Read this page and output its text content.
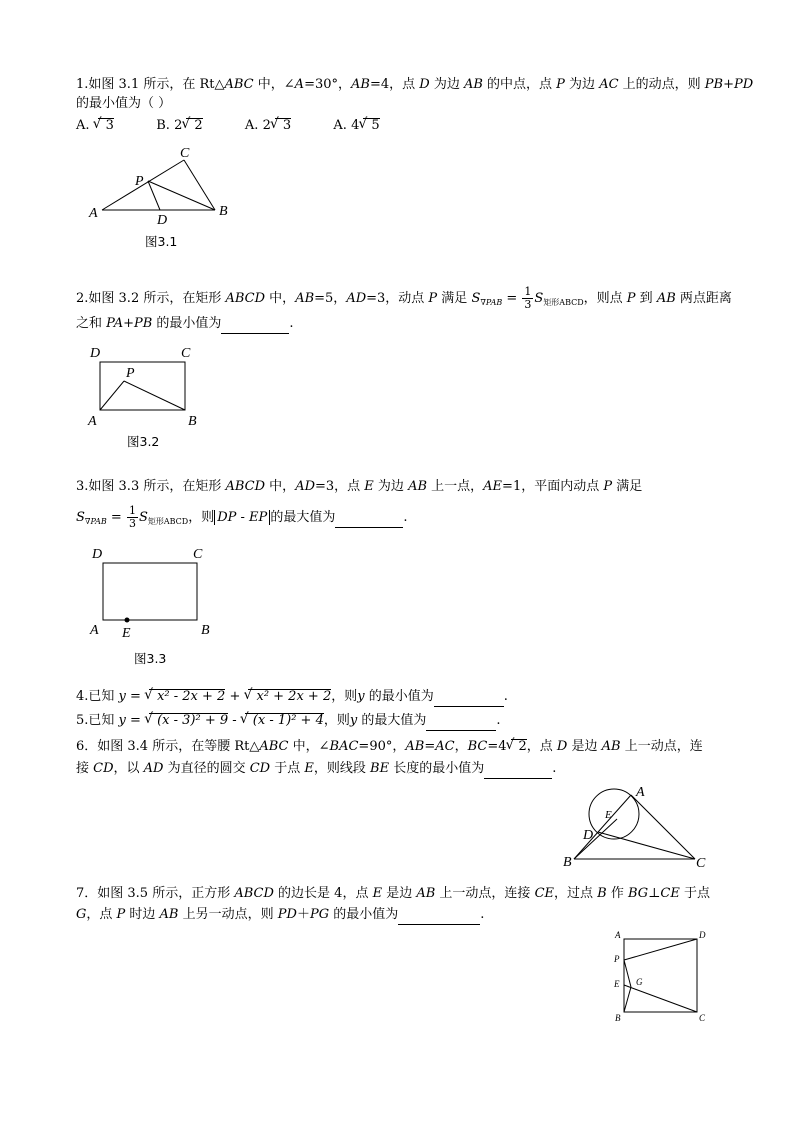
1.如图 3.1 所示，在 Rt△ABC 中，∠A=30°，AB=4，点 D 为边 AB 的中点，点 P 为边 AC 上的动点，则 PB+PD
的最小值为（ ）
A. √ 3	B. 2 √ 2	A. 2 √ 3	A. 4 √ 5
A	B
C
D
P
图3.1
2.如图 3.2 所示，在矩形 ABCD 中，AB=5，AD=3，动点 P 满足 $S_{\nabla PAB} = \frac{1}{3} S_{矩形ABCD}$，则点 P 到 AB 两点距离
之和 PA+PB 的最小值为	.
D	C
A	B
P
图3.2
3.如图 3.3 所示，在矩形 ABCD 中，AD=3，点 E 为边 AB 上一点，AE=1，平面内动点 P 满足
$S_{\nabla PAB} = \frac{1}{3} S_{矩形ABCD}$，则 DP - EP 的最大值为	.
D	C
A	B
E
图3.3
4.已知 y = √ x² - 2x + 2 + √ x² + 2x + 2，则y 的最小值为	.
5.已知 y = √ (x - 3)² + 9 - √ (x - 1)² + 4，则y 的最大值为	.
6．如图 3.4 所示，在等腰 Rt△ABC 中，∠BAC=90°，AB=AC，BC=4 √ 2，点 D 是边 AB 上一动点，连
接 CD，以 AD 为直径的圆交 CD 于点 E，则线段 BE 长度的最小值为	.
A
B	C
D
E
7．如图 3.5 所示，正方形 ABCD 的边长是 4，点 E 是边 AB 上一动点，连接 CE，过点 B 作 BG⊥CE 于点
G，点 P 时边 AB 上另一动点，则 PD＋PG 的最小值为	.
A	D
P
E G
B	C
